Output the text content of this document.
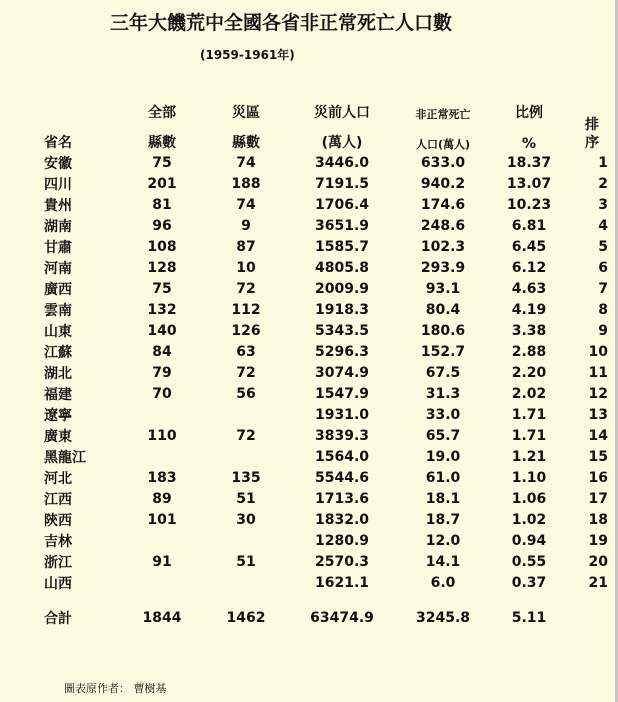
三年大饑荒中全國各省非正常死亡人口數
(1959-1961年)
	全部	災區	災前人口	非正常死亡	比例	排
序

省名	縣數	縣數	(萬人)	人口(萬人)	%	
安徽	75	74	3446.0	633.0	18.37	1
四川	201	188	7191.5	940.2	13.07	2
貴州	81	74	1706.4	174.6	10.23	3
湖南	96	9	3651.9	248.6	6.81	4
甘肅	108	87	1585.7	102.3	6.45	5
河南	128	10	4805.8	293.9	6.12	6
廣西	75	72	2009.9	93.1	4.63	7
雲南	132	112	1918.3	80.4	4.19	8
山東	140	126	5343.5	180.6	3.38	9
江蘇	84	63	5296.3	152.7	2.88	10
湖北	79	72	3074.9	67.5	2.20	11
福建	70	56	1547.9	31.3	2.02	12
遼寧			1931.0	33.0	1.71	13
廣東	110	72	3839.3	65.7	1.71	14
黑龍江			1564.0	19.0	1.21	15
河北	183	135	5544.6	61.0	1.10	16
江西	89	51	1713.6	18.1	1.06	17
陝西	101	30	1832.0	18.7	1.02	18
吉林			1280.9	12.0	0.94	19
浙江	91	51	2570.3	14.1	0.55	20
山西			1621.1	6.0	0.37	21

合計	1844	1462	63474.9	3245.8	5.11	
圖表原作者： 曹樹基
